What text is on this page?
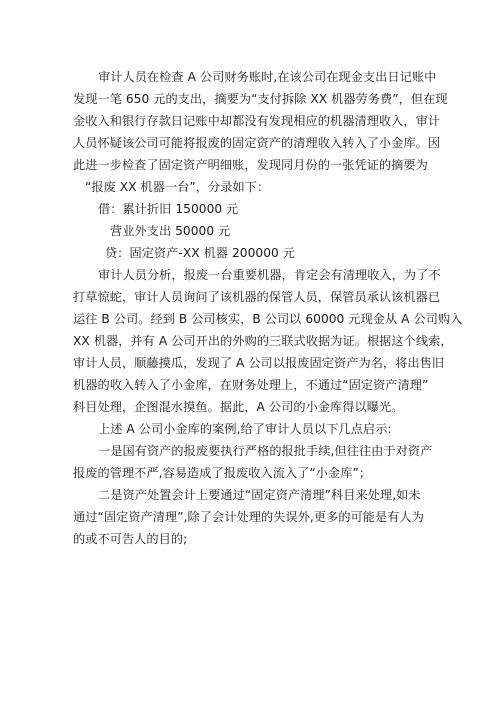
审计人员在检查 A 公司财务账时,在该公司在现金支出日记账中
发现一笔 650 元的支出，摘要为“支付拆除 XX 机器劳务费”，但在现
金收入和银行存款日记账中却都没有发现相应的机器清理收入，审计
人员怀疑该公司可能将报废的固定资产的清理收入转入了小金库。因
此进一步检查了固定资产明细账，发现同月份的一张凭证的摘要为
“报废 XX 机器一台”，分录如下：
借：累计折旧 150000 元
营业外支出 50000 元
贷：固定资产-XX 机器 200000 元
审计人员分析，报废一台重要机器，肯定会有清理收入，为了不
打草惊蛇，审计人员询问了该机器的保管人员，保管员承认该机器已
运往 B 公司。经到 B 公司核实，B 公司以 60000 元现金从 A 公司购入
XX 机器，并有 A 公司开出的外购的三联式收据为证。根据这个线索，
审计人员，顺藤摸瓜，发现了 A 公司以报废固定资产为名，将出售旧
机器的收入转入了小金库，在财务处理上，不通过“固定资产清理”
科目处理，企图混水摸鱼。据此，A 公司的小金库得以曝光。
上述 A 公司小金库的案例,给了审计人员以下几点启示:
一是国有资产的报废要执行严格的报批手续,但往往由于对资产
报废的管理不严,容易造成了报废收入流入了“小金库”；
二是资产处置会计上要通过“固定资产清理”科目来处理,如未
通过“固定资产清理”,除了会计处理的失误外,更多的可能是有人为
的或不可告人的目的;
